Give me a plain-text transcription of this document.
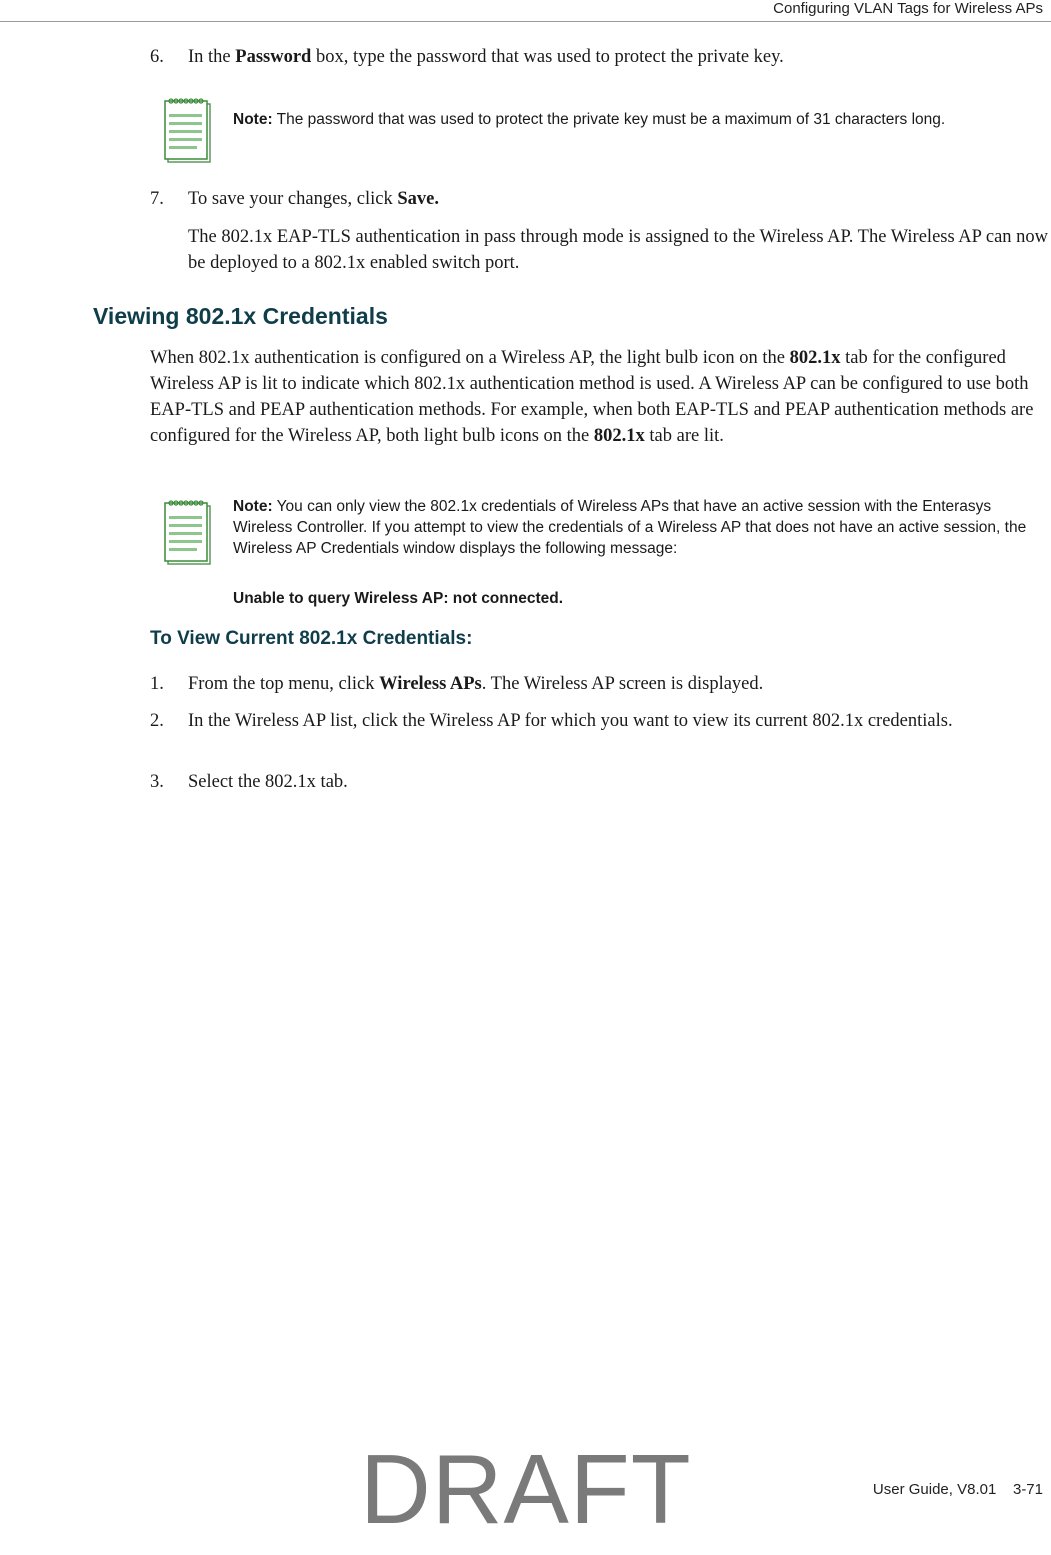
Configuring VLAN Tags for Wireless APs
6. In the Password box, type the password that was used to protect the private key.

Note: The password that was used to protect the private key must be a maximum of 31 characters long.
7. To save your changes, click Save.

The 802.1x EAP-TLS authentication in pass through mode is assigned to the Wireless AP. The Wireless AP can now be deployed to a 802.1x enabled switch port.

Viewing 802.1x Credentials

When 802.1x authentication is configured on a Wireless AP, the light bulb icon on the 802.1x tab for the configured Wireless AP is lit to indicate which 802.1x authentication method is used. A Wireless AP can be configured to use both EAP-TLS and PEAP authentication methods. For example, when both EAP-TLS and PEAP authentication methods are configured for the Wireless AP, both light bulb icons on the 802.1x tab are lit.

Note: You can only view the 802.1x credentials of Wireless APs that have an active session with the Enterasys Wireless Controller. If you attempt to view the credentials of a Wireless AP that does not have an active session, the Wireless AP Credentials window displays the following message:
Unable to query Wireless AP: not connected.
To View Current 802.1x Credentials:
1. From the top menu, click Wireless APs. The Wireless AP screen is displayed.

2. In the Wireless AP list, click the Wireless AP for which you want to view its current 802.1x credentials.

3. Select the 802.1x tab.

DRAFT	User Guide, V8.01    3-71
